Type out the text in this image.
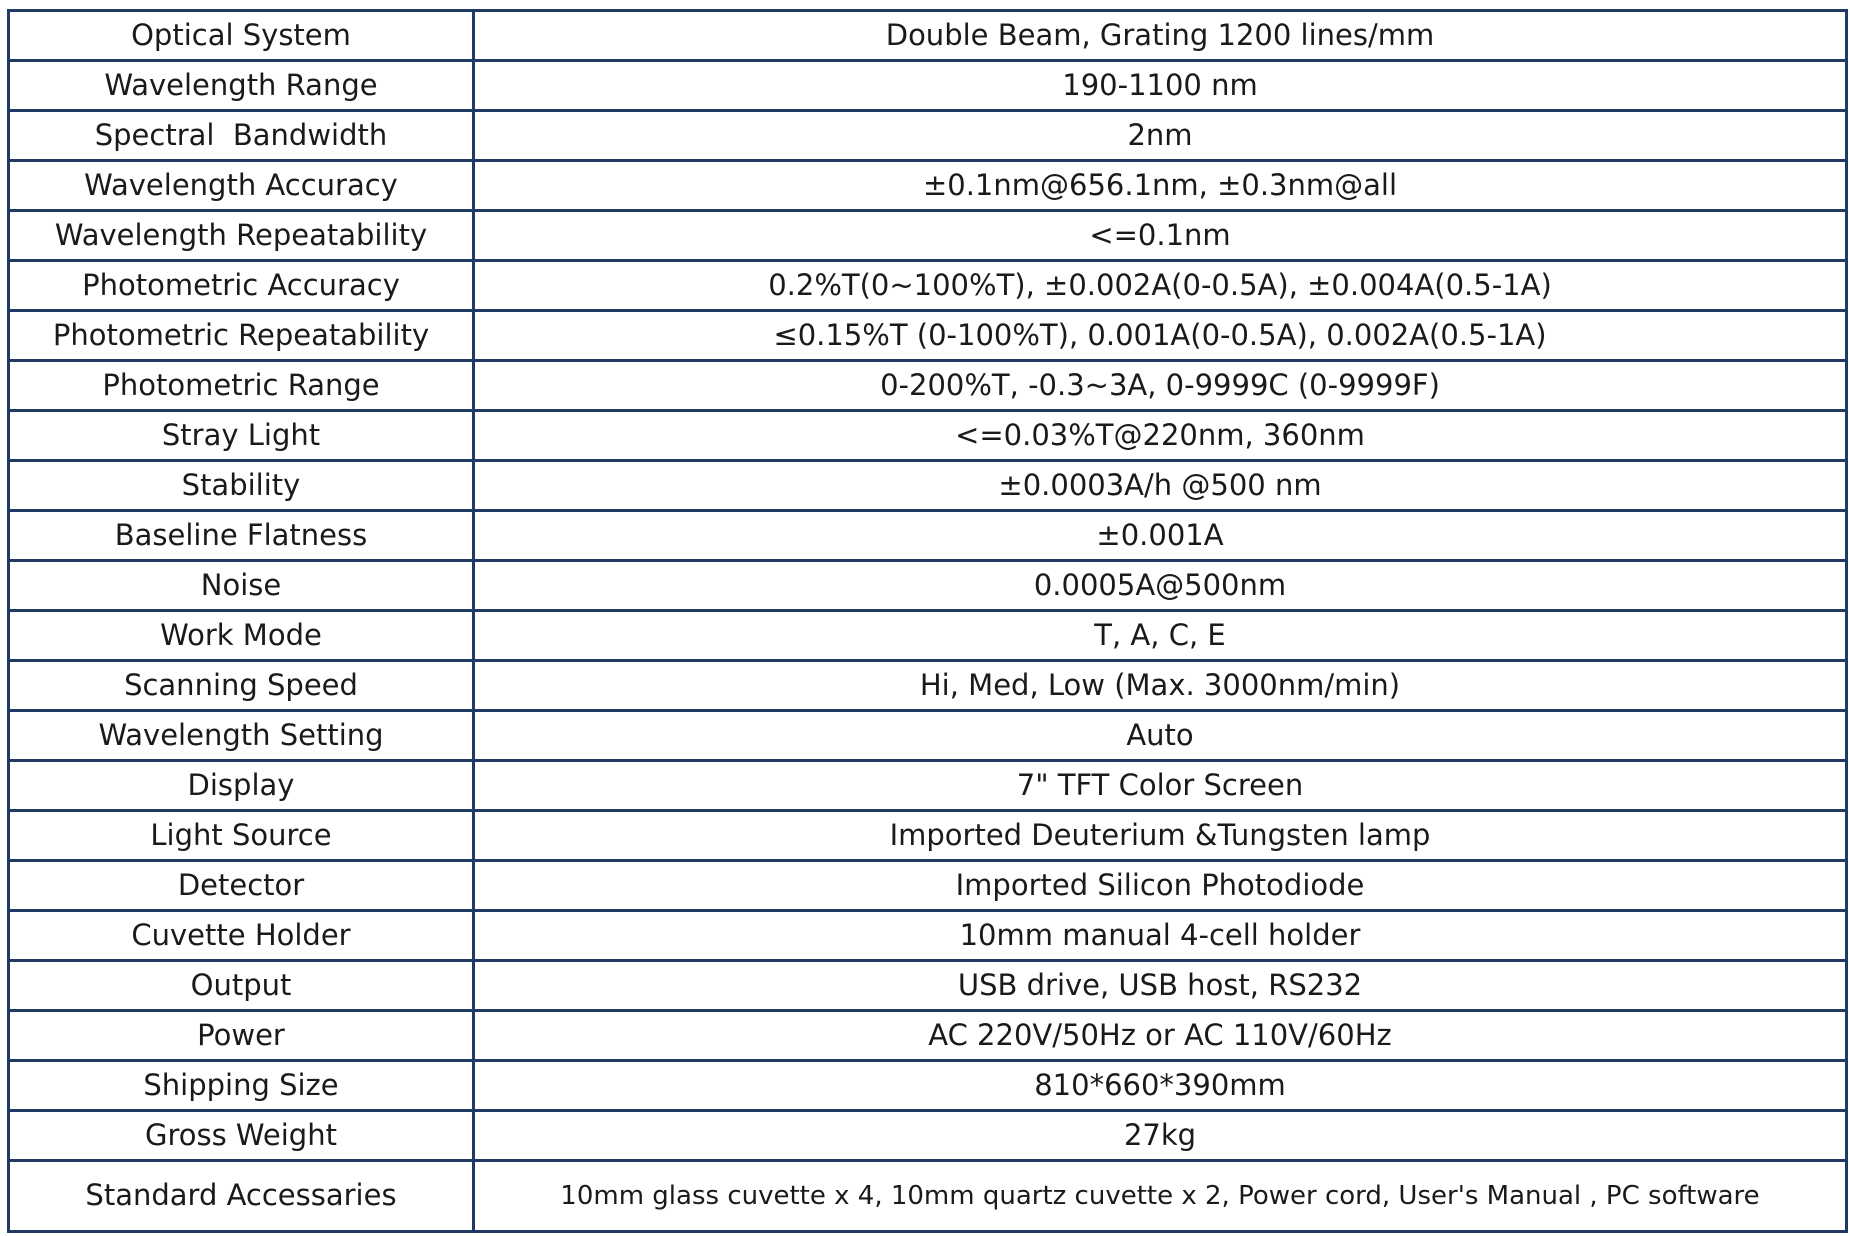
Optical System	Double Beam, Grating 1200 lines/mm
Wavelength Range	190-1100 nm
Spectral  Bandwidth	2nm
Wavelength Accuracy	±0.1nm@656.1nm, ±0.3nm@all
Wavelength Repeatability	<=0.1nm
Photometric Accuracy	0.2%T(0~100%T), ±0.002A(0-0.5A), ±0.004A(0.5-1A)
Photometric Repeatability	≤0.15%T (0-100%T), 0.001A(0-0.5A), 0.002A(0.5-1A)
Photometric Range	0-200%T, -0.3~3A, 0-9999C (0-9999F)
Stray Light	<=0.03%T@220nm, 360nm
Stability	±0.0003A/h @500 nm
Baseline Flatness	±0.001A
Noise	0.0005A@500nm
Work Mode	T, A, C, E
Scanning Speed	Hi, Med, Low (Max. 3000nm/min)
Wavelength Setting	Auto
Display	7" TFT Color Screen
Light Source	Imported Deuterium &Tungsten lamp
Detector	Imported Silicon Photodiode
Cuvette Holder	10mm manual 4-cell holder
Output	USB drive, USB host, RS232
Power	AC 220V/50Hz or AC 110V/60Hz
Shipping Size	810*660*390mm
Gross Weight	27kg
Standard Accessaries	10mm glass cuvette x 4, 10mm quartz cuvette x 2, Power cord, User's Manual , PC software
